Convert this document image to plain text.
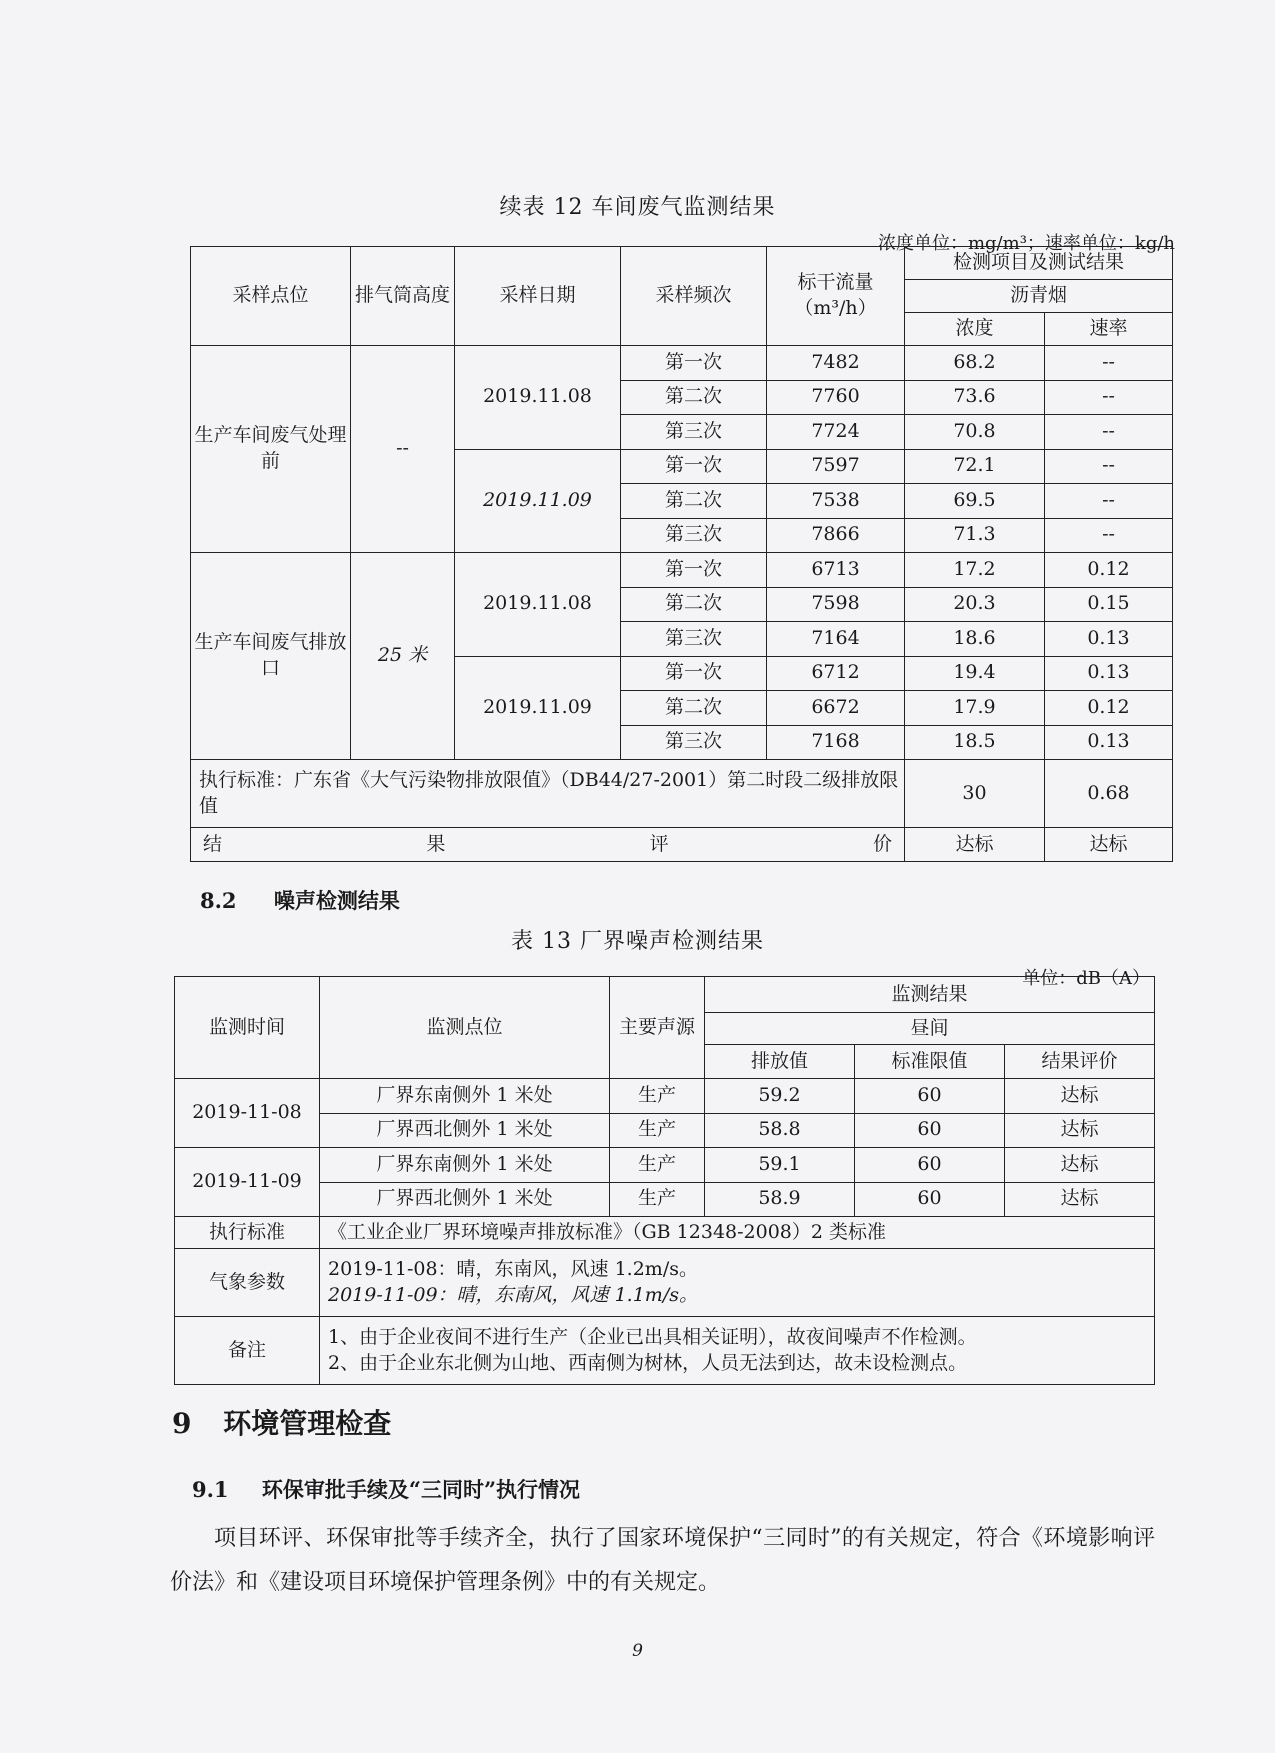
续表 12 车间废气监测结果
浓度单位：mg/m³；速率单位：kg/h
采样点位	排气筒高度	采样日期	采样频次	标干流量（m³/h）	检测项目及测试结果	
					沥青烟	
					浓度	速率
生产车间废气处理前	--	2019.11.08	第一次	7482	68.2	--
			第二次	7760	73.6	--
			第三次	7724	70.8	--
		2019.11.09	第一次	7597	72.1	--
			第二次	7538	69.5	--
			第三次	7866	71.3	--
生产车间废气排放口	25 米	2019.11.08	第一次	6713	17.2	0.12
			第二次	7598	20.3	0.15
			第三次	7164	18.6	0.13
		2019.11.09	第一次	6712	19.4	0.13
			第二次	6672	17.9	0.12
			第三次	7168	18.5	0.13
执行标准：广东省《大气污染物排放限值》（DB44/27-2001）第二时段二级排放限值					30	0.68

结 果 评 价					达标	达标
8.2 噪声检测结果
表 13 厂界噪声检测结果
单位：dB（A）
监测时间	监测点位	主要声源	监测结果		
			昼间		
			排放值	标准限值	结果评价
2019-11-08	厂界东南侧外 1 米处	生产	59.2	60	达标
	厂界西北侧外 1 米处	生产	58.8	60	达标
2019-11-09	厂界东南侧外 1 米处	生产	59.1	60	达标
	厂界西北侧外 1 米处	生产	58.9	60	达标
执行标准	《工业企业厂界环境噪声排放标准》（GB 12348-2008）2 类标准				
气象参数	2019-11-08：晴，东南风，风速 1.2m/s。
2019-11-09：晴，东南风，风速 1.1m/s。				

备注	1、由于企业夜间不进行生产（企业已出具相关证明），故夜间噪声不作检测。
2、由于企业东北侧为山地、西南侧为树林，人员无法到达，故未设检测点。				
9 环境管理检查
9.1 环保审批手续及“三同时”执行情况
项目环评、环保审批等手续齐全，执行了国家环境保护“三同时”的有关规定，符合《环境影响评价法》和《建设项目环境保护管理条例》中的有关规定。
9
